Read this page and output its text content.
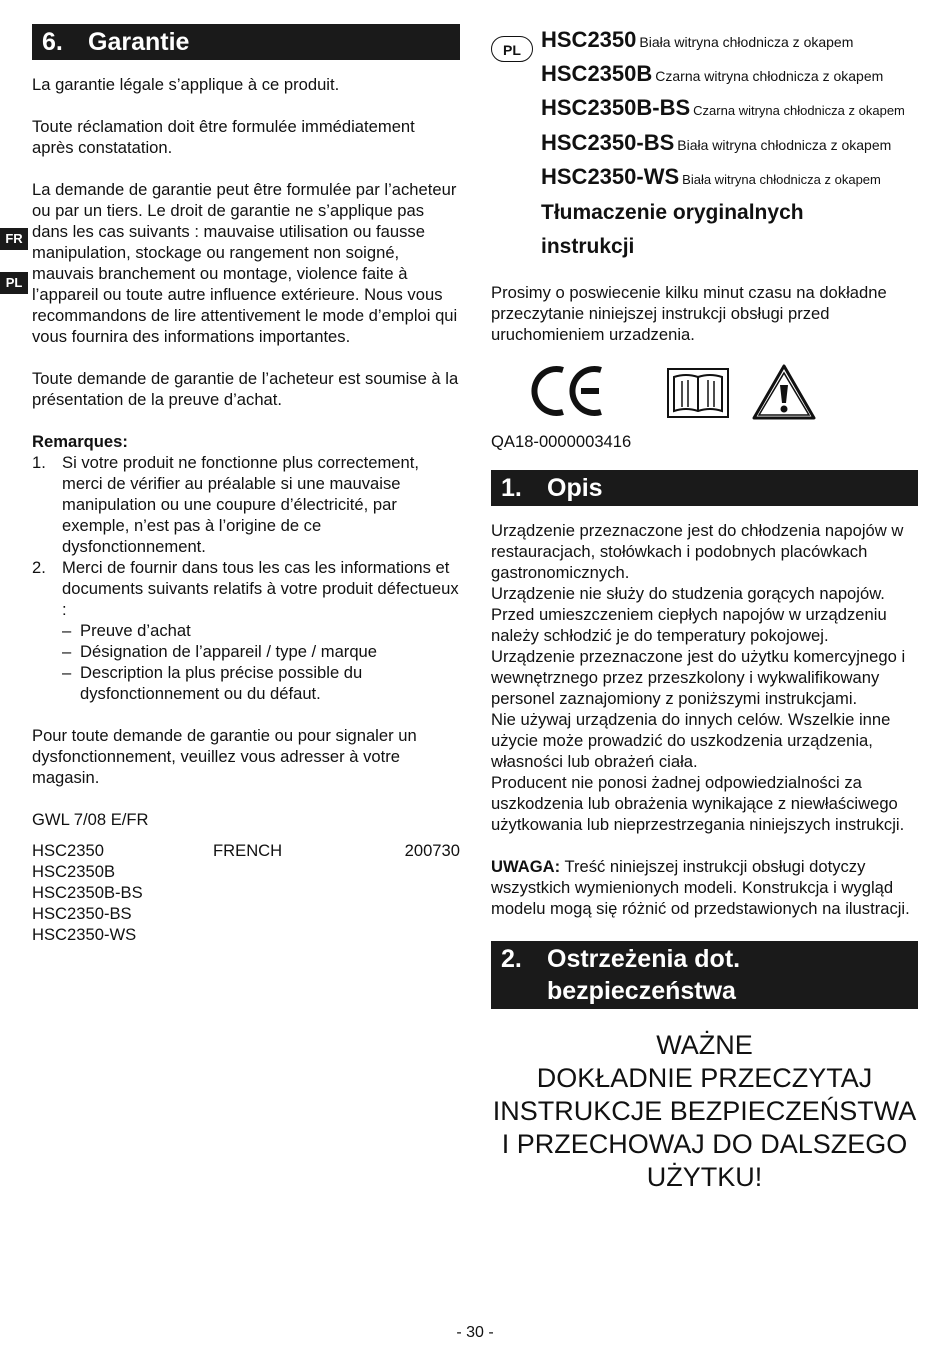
FR
PL
6.	Garantie

La garantie légale s’applique à ce produit.

Toute réclamation doit être formulée immédiatement après constatation.

La demande de garantie peut être formulée par l’acheteur ou par un tiers. Le droit de garantie ne s’applique pas dans les cas suivants : mauvaise utilisation ou fausse manipulation, stockage ou rangement non soigné, mauvais branchement ou montage, violence faite à l’appareil ou toute autre influence extérieure. Nous vous recommandons de lire attentivement le mode d’emploi qui vous fournira des informations importantes.

Toute demande de garantie de l’acheteur est soumise à la présentation de la preuve d’achat.

Remarques:

1. Si votre produit ne fonctionne plus correctement, merci de vérifier au préalable si une mauvaise manipulation ou une coupure d’électricité, par exemple, n’est pas à l’origine de ce dysfonctionnement.
2. Merci de fournir dans tous les cas les informations et documents suivants relatifs à votre produit défectueux :
– Preuve d’achat
– Désignation de l’appareil / type / marque
– Description la plus précise possible du dysfonctionnement ou du défaut.

Pour toute demande de garantie ou pour signaler un dysfonctionnement, veuillez vous adresser à votre magasin.

GWL 7/08 E/FR

HSC2350	FRENCH	200730

HSC2350B

HSC2350B-BS

HSC2350-BS

HSC2350-WS

PL HSC2350 Biała witryna chłodnicza z okapem
HSC2350B Czarna witryna chłodnicza z okapem
HSC2350B-BS Czarna witryna chłodnicza z okapem
HSC2350-BS Biała witryna chłodnicza z okapem
HSC2350-WS Biała witryna chłodnicza z okapem
Tłumaczenie oryginalnych
instrukcji

Prosimy o poswiecenie kilku minut czasu na dokładne przeczytanie niniejszej instrukcji obsługi przed uruchomieniem urzadzenia.

QA18-0000003416

1.	Opis

Urządzenie przeznaczone jest do chłodzenia napojów w restauracjach, stołówkach i podobnych placówkach gastronomicznych.

Urządzenie nie służy do studzenia gorących napojów. Przed umieszczeniem ciepłych napojów w urządzeniu należy schłodzić je do temperatury pokojowej.

Urządzenie przeznaczone jest do użytku komercyjnego i wewnętrznego przez przeszkolony i wykwalifikowany personel zaznajomiony z poniższymi instrukcjami.

Nie używaj urządzenia do innych celów. Wszelkie inne użycie może prowadzić do uszkodzenia urządzenia, własności lub obrażeń ciała.

Producent nie ponosi żadnej odpowiedzialności za uszkodzenia lub obrażenia wynikające z niewłaściwego użytkowania lub nieprzestrzegania niniejszych instrukcji.

UWAGA: Treść niniejszej instrukcji obsługi dotyczy wszystkich wymienionych modeli. Konstrukcja i wygląd modelu mogą się różnić od przedstawionych na ilustracji.

2.	Ostrzeżenia dot.
bezpieczeństwa
WAŻNE
DOKŁADNIE PRZECZYTAJ
INSTRUKCJE BEZPIECZEŃSTWA
I PRZECHOWAJ DO DALSZEGO
UŻYTKU!
- 30 -
